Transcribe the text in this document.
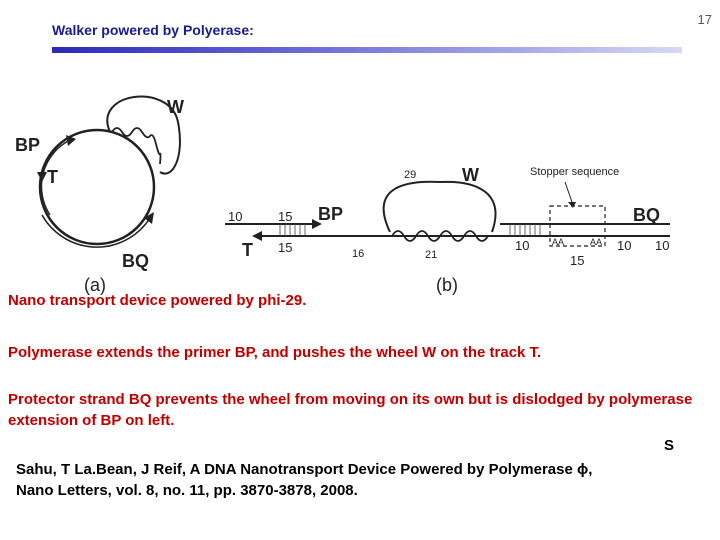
Walker powered by Polyerase:
17
W
BP
T
BQ
(a)
10	15 BP
T 15	16
29	W
21
10	AA	AA 10 10
15
Stopper sequence
BQ
(b)
Nano transport device powered by phi-29.
Polymerase extends the primer BP, and pushes the wheel W on the track T.
Protector strand BQ prevents the wheel from moving on its own but is dislodged by polymerase extension of BP on left.
S
Sahu, T La.Bean, J Reif, A DNA Nanotransport Device Powered by Polymerase ɸ,
Nano Letters, vol. 8, no. 11, pp. 3870-3878, 2008.
